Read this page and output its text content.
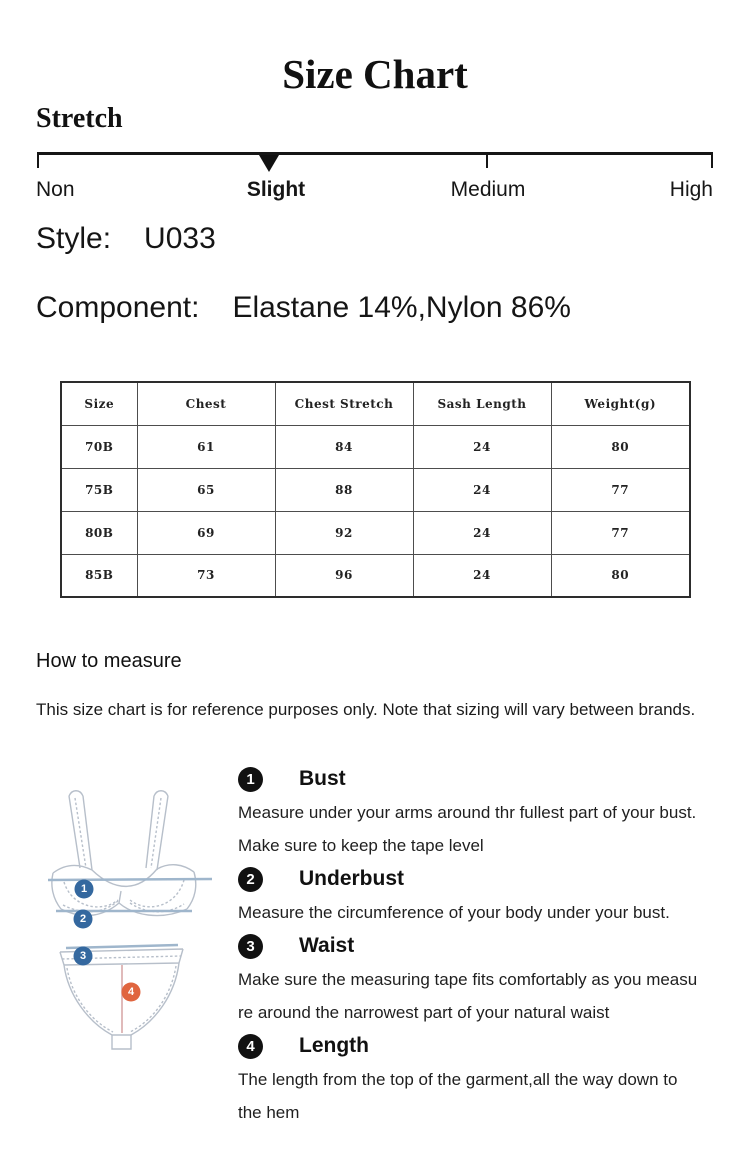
Size Chart
Stretch
Non	Slight	Medium	High
Style: U033
Component: Elastane 14%,Nylon 86%
Size	Chest	Chest Stretch	Sash Length	Weight(g)
70B	61	84	24	80
75B	65	88	24	77
80B	69	92	24	77
85B	73	96	24	80
How to measure
This size chart is for reference purposes only. Note that sizing will vary between brands.
1
2
3
4
1	Bust
Measure under your arms around thr fullest part of your bust.
Make sure to keep the tape level
2	Underbust
Measure the circumference of your body under your bust.
3	Waist
Make sure the measuring tape fits comfortably as you measu
re around the narrowest part of your natural waist
4	Length
The length from the top of the garment,all the way down to
the hem
